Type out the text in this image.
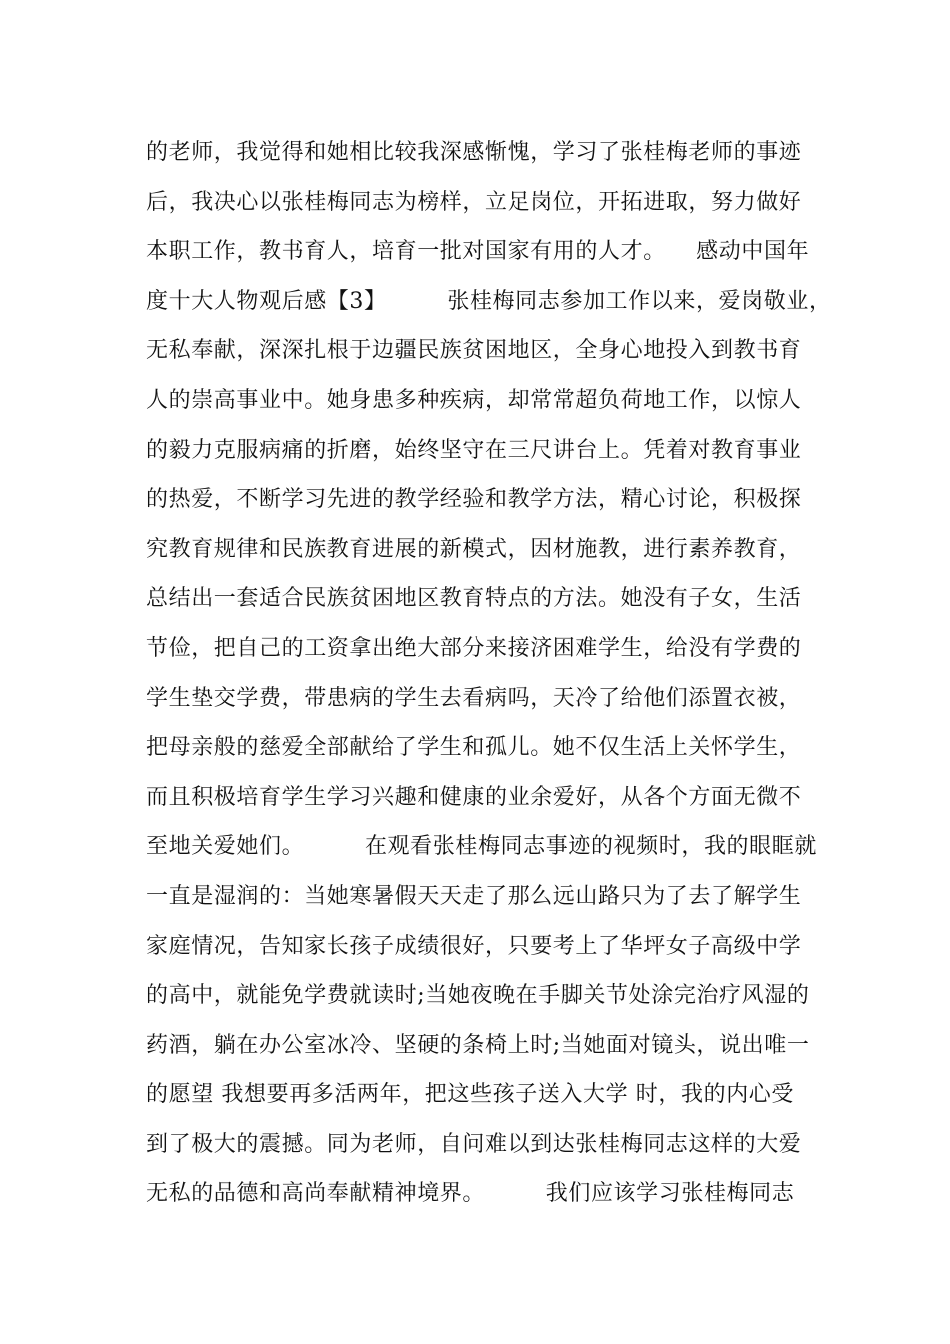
的老师，我觉得和她相比较我深感惭愧，学习了张桂梅老师的事迹
后，我决心以张桂梅同志为榜样，立足岗位，开拓进取，努力做好
本职工作，教书育人，培育一批对国家有用的人才。    感动中国年
度十大人物观后感【3】        张桂梅同志参加工作以来，爱岗敬业，
无私奉献，深深扎根于边疆民族贫困地区，全身心地投入到教书育
人的崇高事业中。她身患多种疾病，却常常超负荷地工作，以惊人
的毅力克服病痛的折磨，始终坚守在三尺讲台上。凭着对教育事业
的热爱，不断学习先进的教学经验和教学方法，精心讨论，积极探
究教育规律和民族教育进展的新模式，因材施教，进行素养教育，
总结出一套适合民族贫困地区教育特点的方法。她没有子女，生活
节俭，把自己的工资拿出绝大部分来接济困难学生，给没有学费的
学生垫交学费，带患病的学生去看病吗，天冷了给他们添置衣被，
把母亲般的慈爱全部献给了学生和孤儿。她不仅生活上关怀学生，
而且积极培育学生学习兴趣和健康的业余爱好，从各个方面无微不
至地关爱她们。        在观看张桂梅同志事迹的视频时，我的眼眶就
一直是湿润的：当她寒暑假天天走了那么远山路只为了去了解学生
家庭情况，告知家长孩子成绩很好，只要考上了华坪女子高级中学
的高中，就能免学费就读时;当她夜晚在手脚关节处涂完治疗风湿的
药酒，躺在办公室冰冷、坚硬的条椅上时;当她面对镜头，说出唯一
的愿望 我想要再多活两年，把这些孩子送入大学 时，我的内心受
到了极大的震撼。同为老师，自问难以到达张桂梅同志这样的大爱
无私的品德和高尚奉献精神境界。        我们应该学习张桂梅同志
